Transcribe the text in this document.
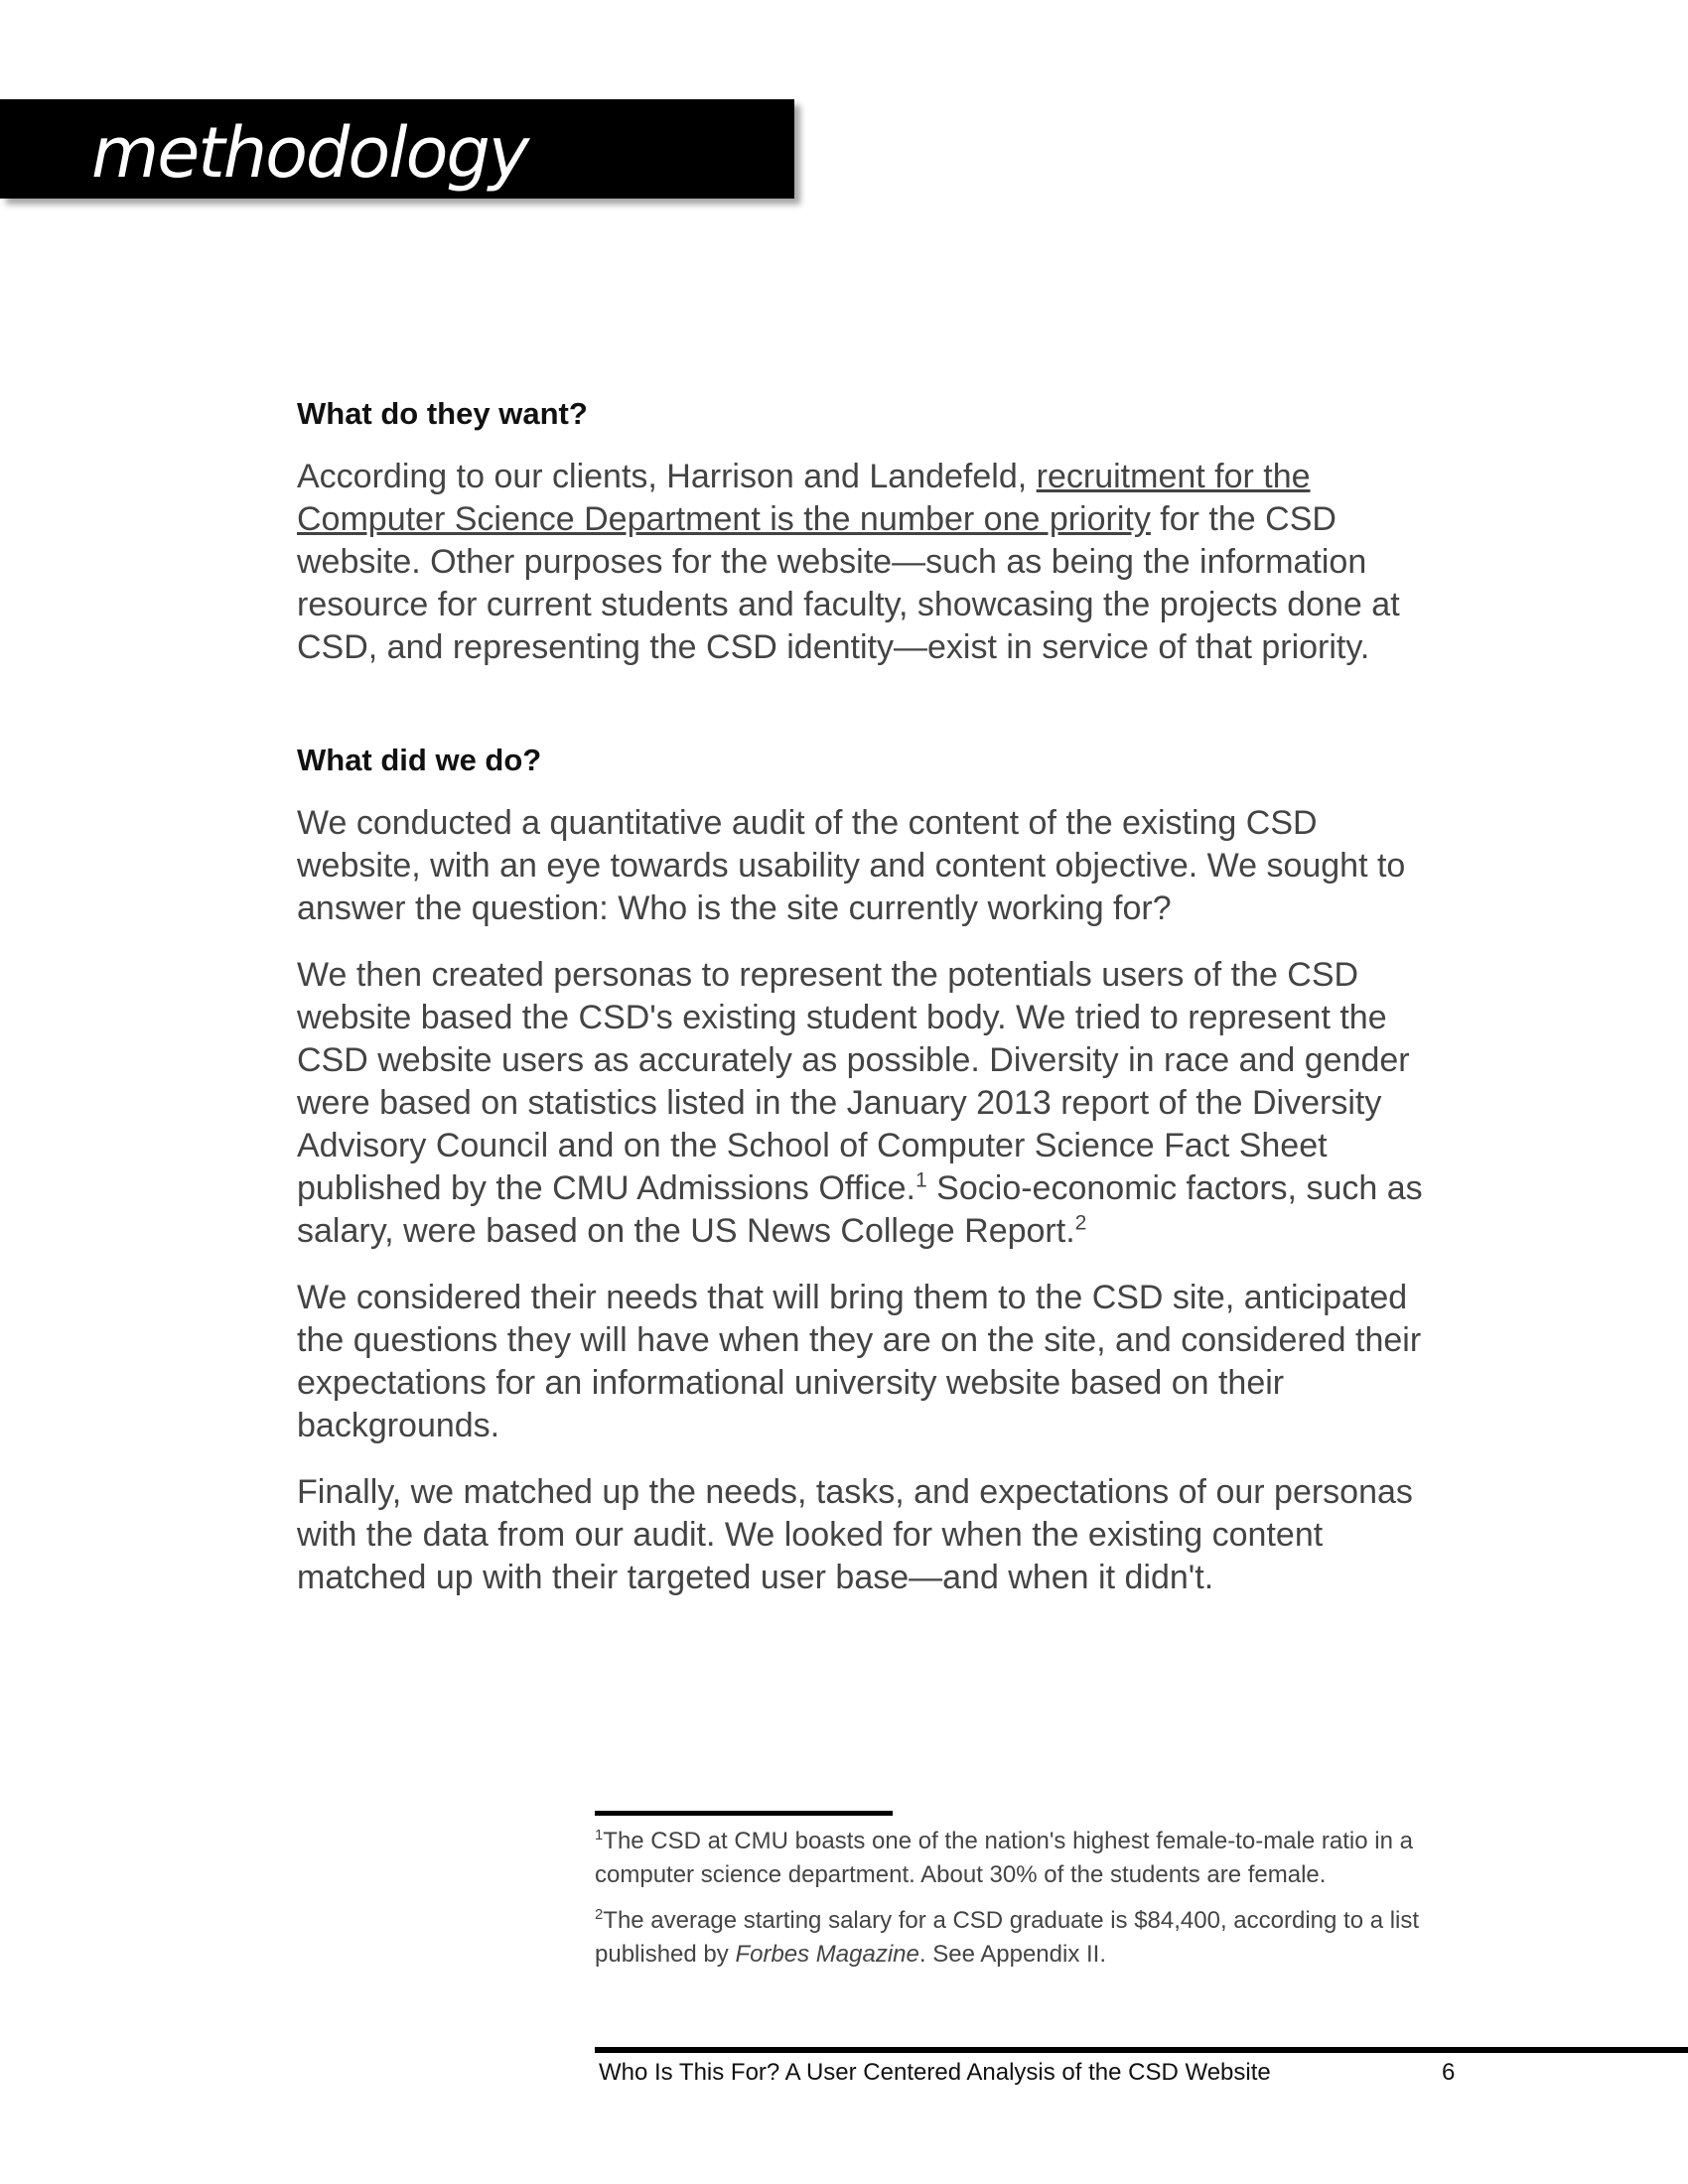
methodology
What do they want?

According to our clients, Harrison and Landefeld, recruitment for the Computer Science Department is the number one priority for the CSD website. Other purposes for the website—such as being the information resource for current students and faculty, showcasing the projects done at CSD, and representing the CSD identity—exist in service of that priority.

What did we do?

We conducted a quantitative audit of the content of the existing CSD website, with an eye towards usability and content objective. We sought to answer the question: Who is the site currently working for?

We then created personas to represent the potentials users of the CSD website based the CSD's existing student body. We tried to represent the CSD website users as accurately as possible. Diversity in race and gender were based on statistics listed in the January 2013 report of the Diversity Advisory Council and on the School of Computer Science Fact Sheet published by the CMU Admissions Office.$^1$ Socio-economic factors, such as salary, were based on the US News College Report.$^2$

We considered their needs that will bring them to the CSD site, anticipated the questions they will have when they are on the site, and considered their expectations for an informational university website based on their backgrounds.

Finally, we matched up the needs, tasks, and expectations of our personas with the data from our audit. We looked for when the existing content matched up with their targeted user base—and when it didn't.

$^1$The CSD at CMU boasts one of the nation's highest female-to-male ratio in a computer science department. About 30% of the students are female.

$^2$The average starting salary for a CSD graduate is $84,400, according to a list published by Forbes Magazine. See Appendix II.

Who Is This For? A User Centered Analysis of the CSD Website	6
